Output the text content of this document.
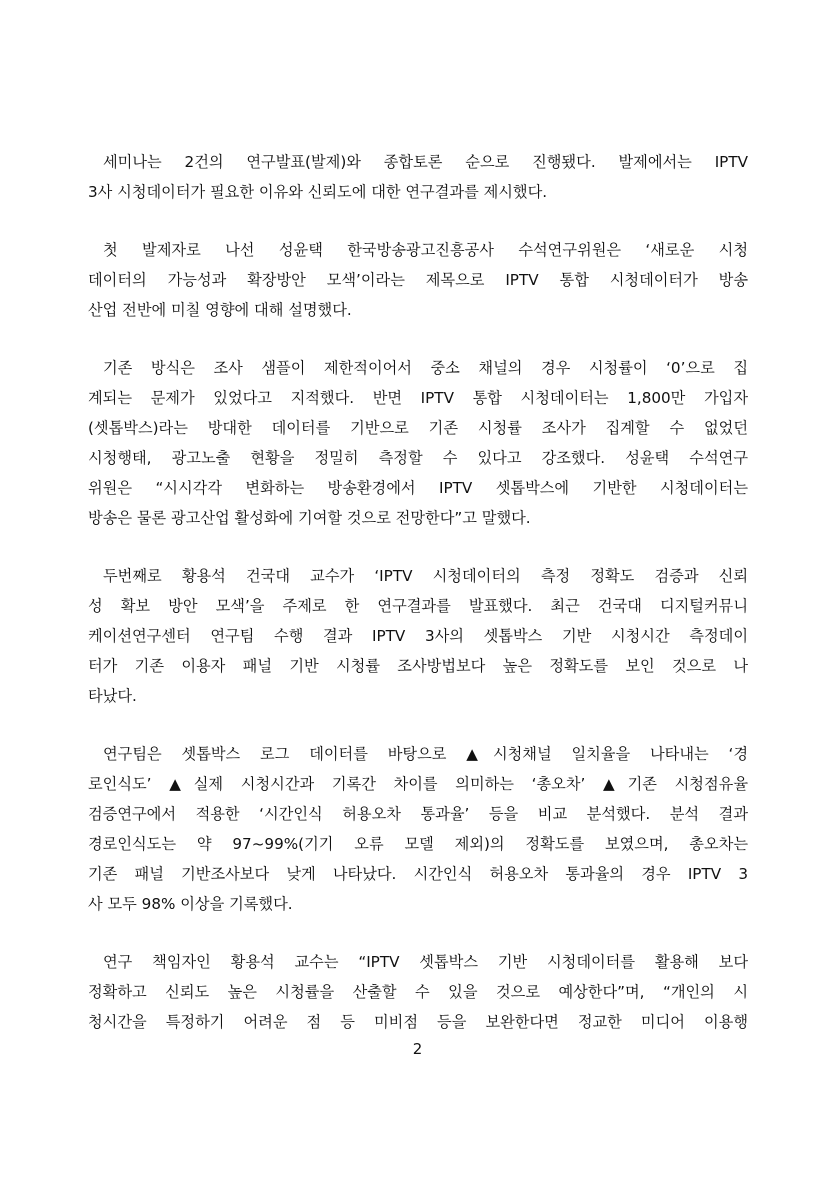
세미나는 2건의 연구발표(발제)와 종합토론 순으로 진행됐다. 발제에서는 IPTV
3사 시청데이터가 필요한 이유와 신뢰도에 대한 연구결과를 제시했다.

첫 발제자로 나선 성윤택 한국방송광고진흥공사 수석연구위원은 ‘새로운 시청
데이터의 가능성과 확장방안 모색’이라는 제목으로 IPTV 통합 시청데이터가 방송
산업 전반에 미칠 영향에 대해 설명했다.

기존 방식은 조사 샘플이 제한적이어서 중소 채널의 경우 시청률이 ‘0’으로 집
계되는 문제가 있었다고 지적했다. 반면 IPTV 통합 시청데이터는 1,800만 가입자
(셋톱박스)라는 방대한 데이터를 기반으로 기존 시청률 조사가 집계할 수 없었던
시청행태, 광고노출 현황을 정밀히 측정할 수 있다고 강조했다. 성윤택 수석연구
위원은 “시시각각 변화하는 방송환경에서 IPTV 셋톱박스에 기반한 시청데이터는
방송은 물론 광고산업 활성화에 기여할 것으로 전망한다”고 말했다.

두번째로 황용석 건국대 교수가 ‘IPTV 시청데이터의 측정 정확도 검증과 신뢰
성 확보 방안 모색’을 주제로 한 연구결과를 발표했다. 최근 건국대 디지털커뮤니
케이션연구센터 연구팀 수행 결과 IPTV 3사의 셋톱박스 기반 시청시간 측정데이
터가 기존 이용자 패널 기반 시청률 조사방법보다 높은 정확도를 보인 것으로 나
타났다.

연구팀은 셋톱박스 로그 데이터를 바탕으로 ▲시청채널 일치율을 나타내는 ‘경
로인식도’ ▲실제 시청시간과 기록간 차이를 의미하는 ‘총오차’ ▲기존 시청점유율
검증연구에서 적용한 ‘시간인식 허용오차 통과율’ 등을 비교 분석했다. 분석 결과
경로인식도는 약 97~99%(기기 오류 모델 제외)의 정확도를 보였으며, 총오차는
기존 패널 기반조사보다 낮게 나타났다. 시간인식 허용오차 통과율의 경우 IPTV 3
사 모두 98% 이상을 기록했다.

연구 책임자인 황용석 교수는 “IPTV 셋톱박스 기반 시청데이터를 활용해 보다
정확하고 신뢰도 높은 시청률을 산출할 수 있을 것으로 예상한다”며, “개인의 시
청시간을 특정하기 어려운 점 등 미비점 등을 보완한다면 정교한 미디어 이용행

2
